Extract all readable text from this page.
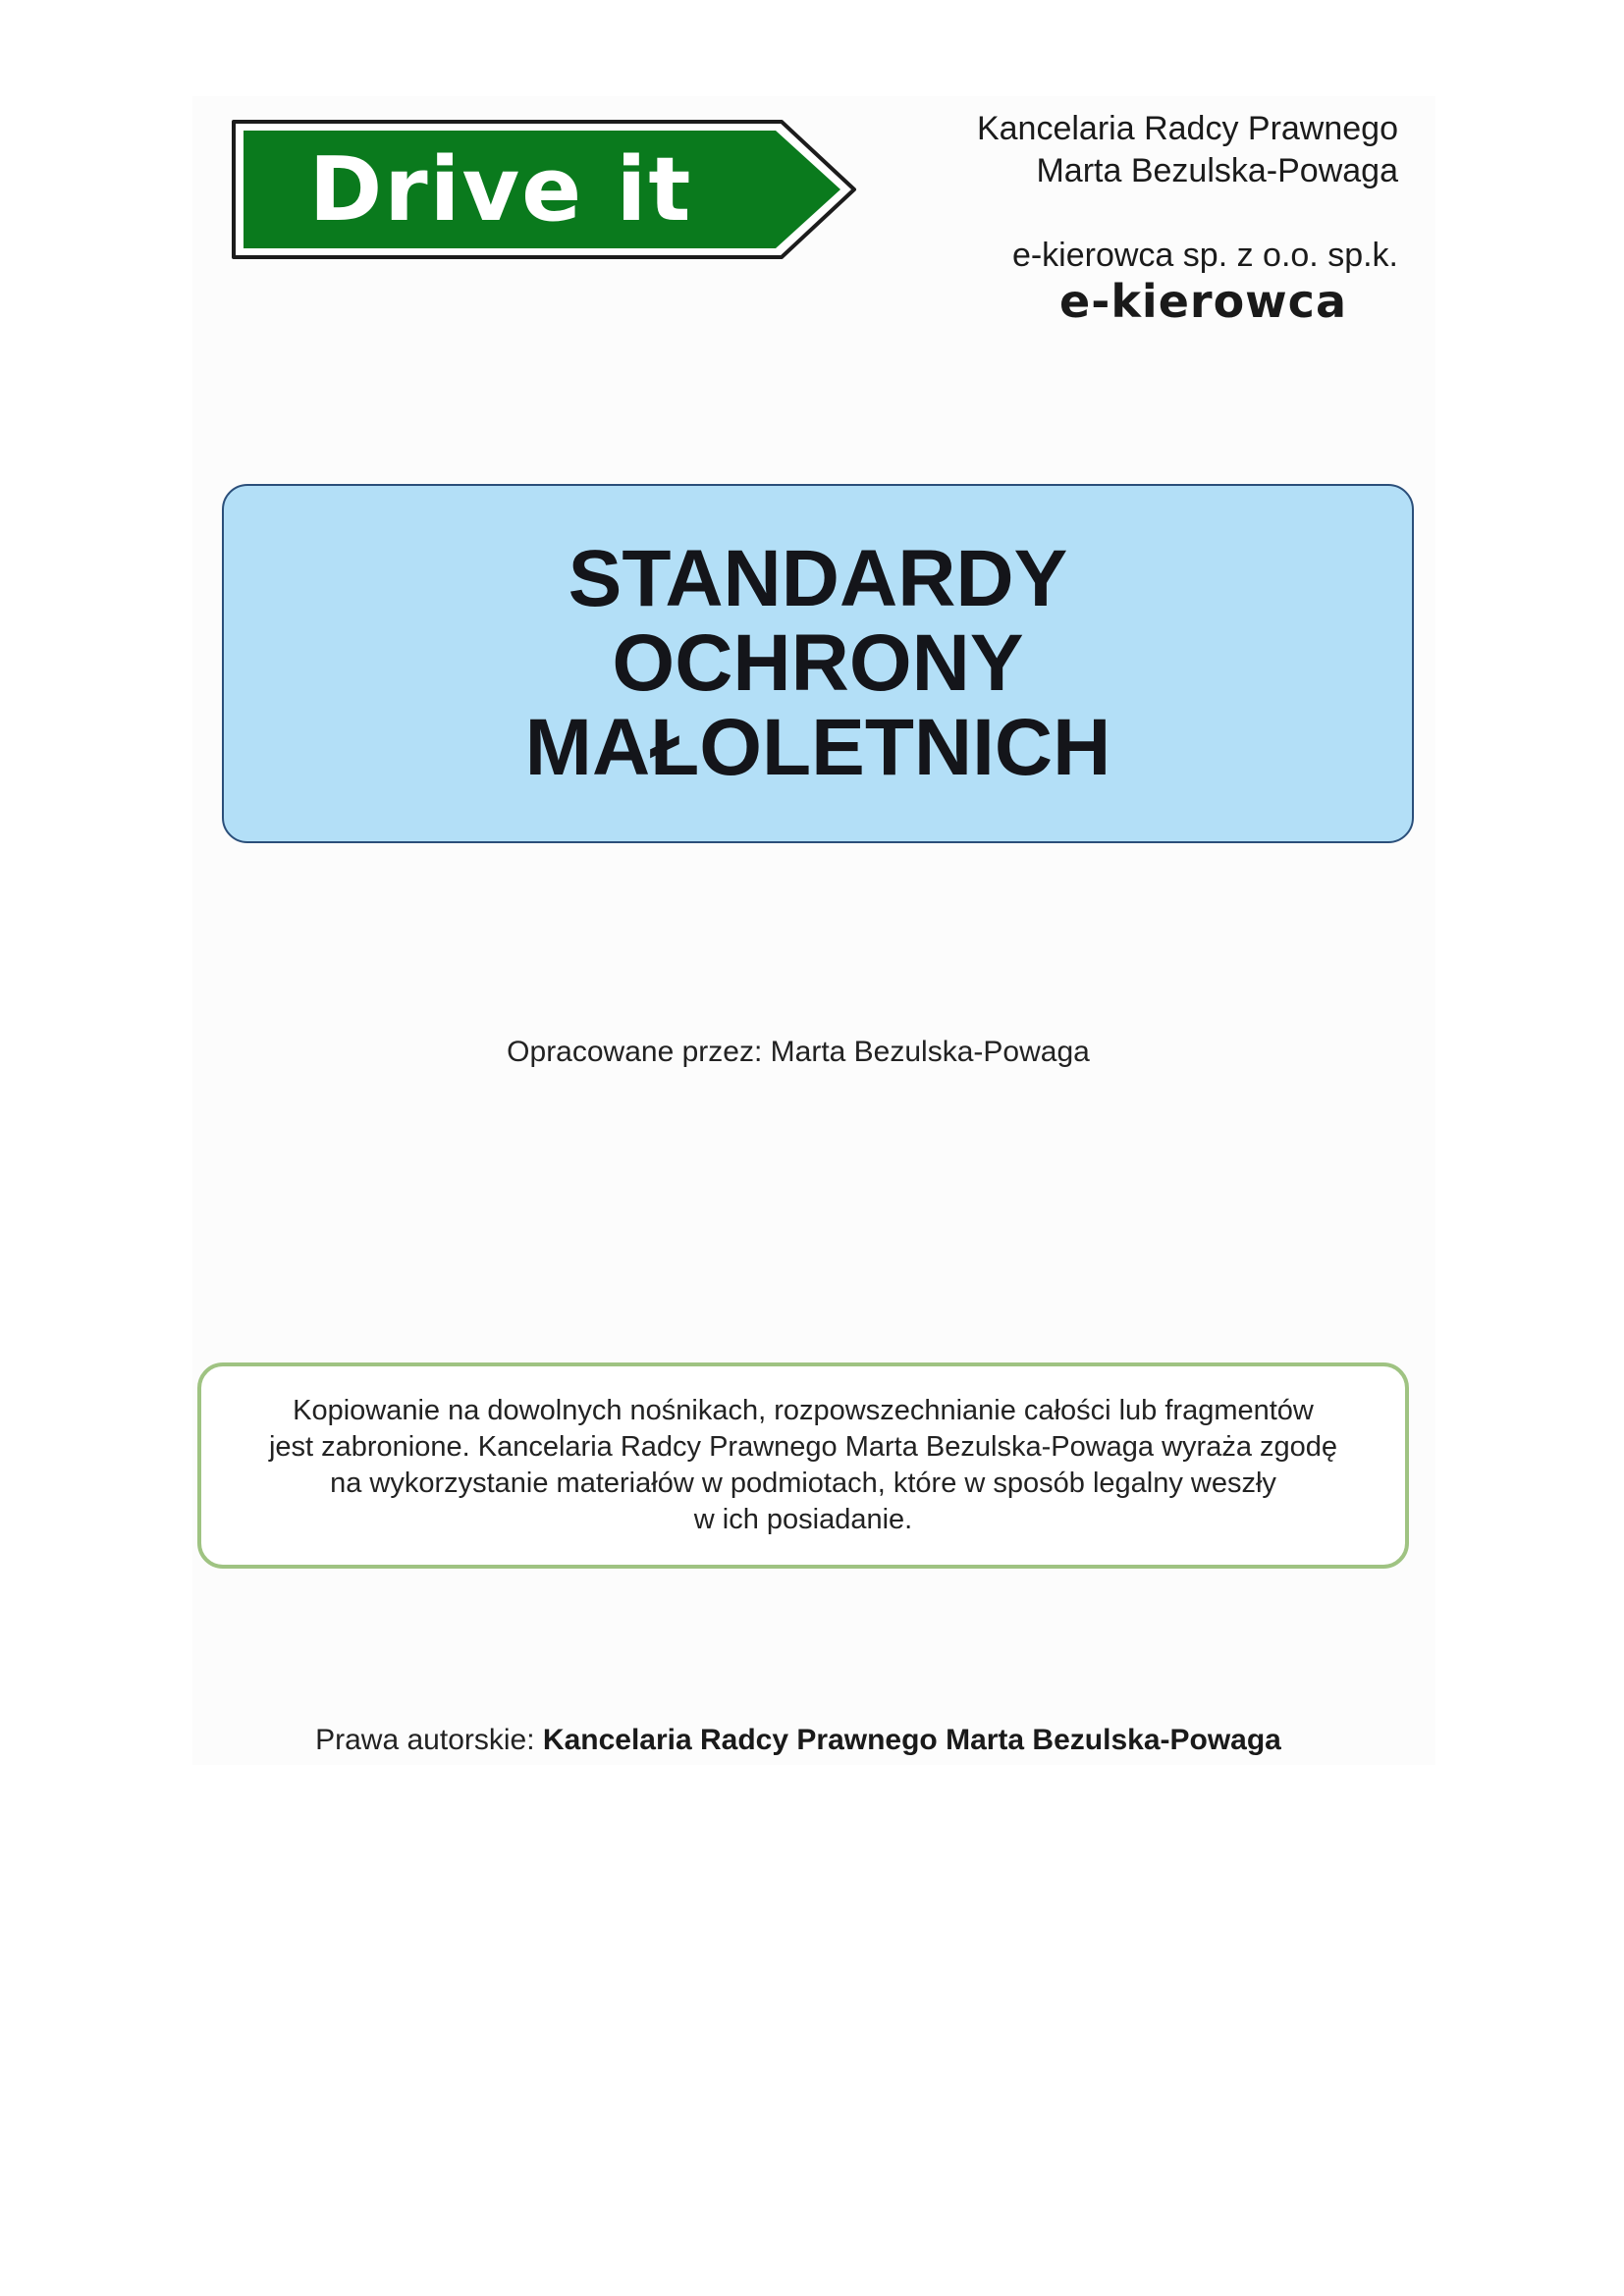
Drive it
Kancelaria Radcy Prawnego
Marta Bezulska-Powaga
e-kierowca sp. z o.o. sp.k.
e-kierowca
STANDARDY
OCHRONY
MAŁOLETNICH
Opracowane przez: Marta Bezulska-Powaga

Kopiowanie na dowolnych nośnikach, rozpowszechnianie całości lub fragmentów
jest zabronione. Kancelaria Radcy Prawnego Marta Bezulska-Powaga wyraża zgodę
na wykorzystanie materiałów w podmiotach, które w sposób legalny weszły
w ich posiadanie.

Prawa autorskie: Kancelaria Radcy Prawnego Marta Bezulska-Powaga
